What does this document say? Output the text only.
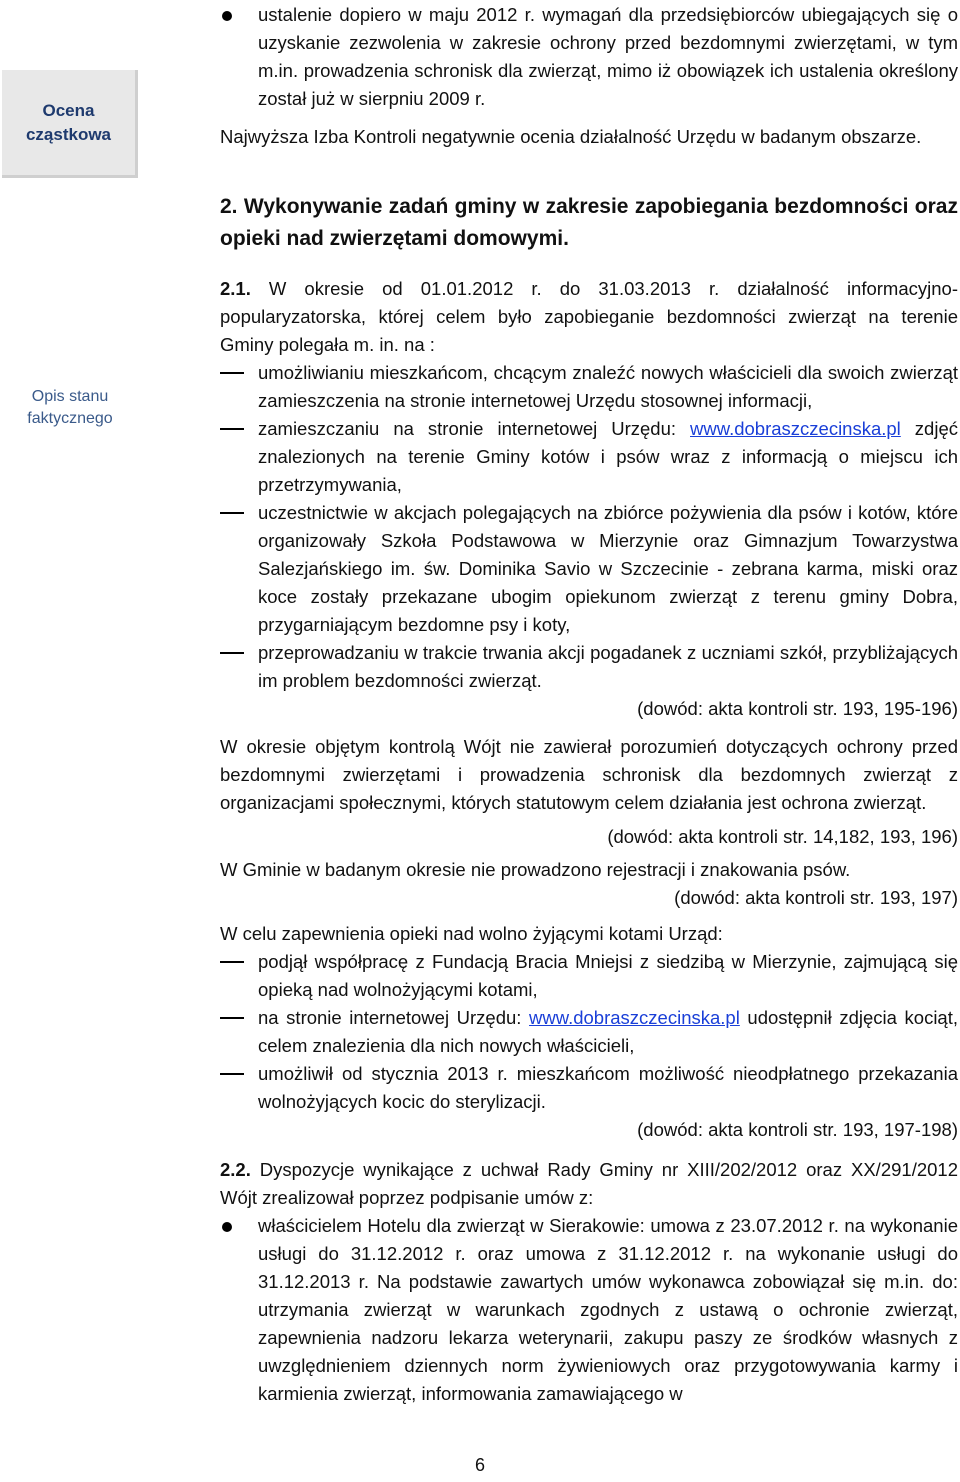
Ocena
cząstkowa
Opis stanu
faktycznego

ustalenie dopiero w maju 2012 r. wymagań dla przedsiębiorców ubiegających się o uzyskanie zezwolenia w zakresie ochrony przed bezdomnymi zwierzętami, w tym m.in. prowadzenia schronisk dla zwierząt, mimo iż obowiązek ich ustalenia określony został już w sierpniu 2009 r.

Najwyższa Izba Kontroli negatywnie ocenia działalność Urzędu w badanym obszarze.

2. Wykonywanie zadań gminy w zakresie zapobiegania bezdomności oraz opieki nad zwierzętami domowymi.

2.1. W okresie od 01.01.2012 r. do 31.03.2013 r. działalność informacyjno-popularyzatorska, której celem było zapobieganie bezdomności zwierząt na terenie Gminy polegała m. in. na :

umożliwianiu mieszkańcom, chcącym znaleźć nowych właścicieli dla swoich zwierząt zamieszczenia na stronie internetowej Urzędu stosownej informacji,

zamieszczaniu na stronie internetowej Urzędu: www.dobraszczecinska.pl zdjęć znalezionych na terenie Gminy kotów i psów wraz z informacją o miejscu ich przetrzymywania,

uczestnictwie w akcjach polegających na zbiórce pożywienia dla psów i kotów, które organizowały Szkoła Podstawowa w Mierzynie oraz Gimnazjum Towarzystwa Salezjańskiego im. św. Dominika Savio w Szczecinie - zebrana karma, miski oraz koce zostały przekazane ubogim opiekunom zwierząt z terenu gminy Dobra, przygarniającym bezdomne psy i koty,

przeprowadzaniu w trakcie trwania akcji pogadanek z uczniami szkół, przybliżających im problem bezdomności zwierząt.

(dowód: akta kontroli str. 193, 195-196)

W okresie objętym kontrolą Wójt nie zawierał porozumień dotyczących ochrony przed bezdomnymi zwierzętami i prowadzenia schronisk dla bezdomnych zwierząt z organizacjami społecznymi, których statutowym celem działania jest ochrona zwierząt.

(dowód: akta kontroli str. 14,182, 193, 196)

W Gminie w badanym okresie nie prowadzono rejestracji i znakowania psów.

(dowód: akta kontroli str. 193, 197)

W celu zapewnienia opieki nad wolno żyjącymi kotami Urząd:

podjął współpracę z Fundacją Bracia Mniejsi z siedzibą w Mierzynie, zajmującą się opieką nad wolnożyjącymi kotami,

na stronie internetowej Urzędu: www.dobraszczecinska.pl udostępnił zdjęcia kociąt, celem znalezienia dla nich nowych właścicieli,

umożliwił od stycznia 2013 r. mieszkańcom możliwość nieodpłatnego przekazania wolnożyjących kocic do sterylizacji.

(dowód: akta kontroli str. 193, 197-198)

2.2. Dyspozycje wynikające z uchwał Rady Gminy nr XIII/202/2012 oraz XX/291/2012 Wójt zrealizował poprzez podpisanie umów z:

właścicielem Hotelu dla zwierząt w Sierakowie: umowa z 23.07.2012 r. na wykonanie usługi do 31.12.2012 r. oraz umowa z 31.12.2012 r. na wykonanie usługi do 31.12.2013 r. Na podstawie zawartych umów wykonawca zobowiązał się m.in. do: utrzymania zwierząt w warunkach zgodnych z ustawą o ochronie zwierząt, zapewnienia nadzoru lekarza weterynarii, zakupu paszy ze środków własnych z uwzględnieniem dziennych norm żywieniowych oraz przygotowywania karmy i karmienia zwierząt, informowania zamawiającego w

6
